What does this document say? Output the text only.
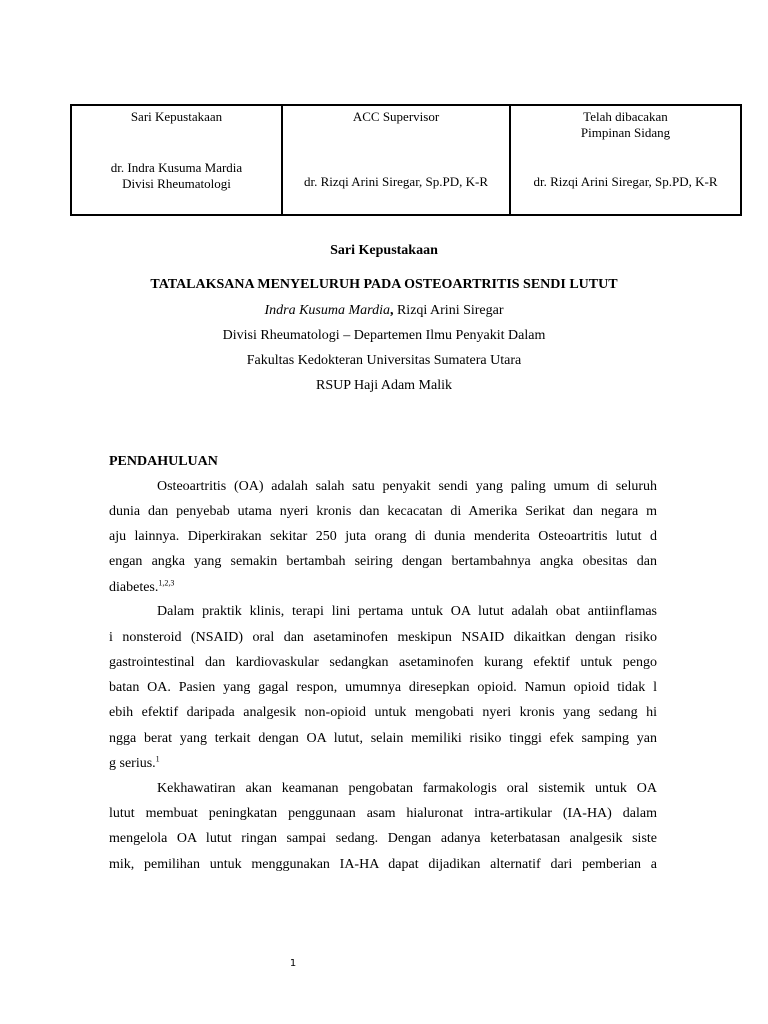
Sari Kepustakaan
dr. Indra Kusuma Mardia
Divisi Rheumatologi
ACC Supervisor
dr. Rizqi Arini Siregar, Sp.PD, K-R
Telah dibacakan
Pimpinan Sidang
dr. Rizqi Arini Siregar, Sp.PD, K-R
Sari Kepustakaan
TATALAKSANA MENYELURUH PADA OSTEOARTRITIS SENDI LUTUT
Indra Kusuma Mardia, Rizqi Arini Siregar
Divisi Rheumatologi – Departemen Ilmu Penyakit Dalam
Fakultas Kedokteran Universitas Sumatera Utara
RSUP Haji Adam Malik
PENDAHULUAN
Osteoartritis (OA) adalah salah satu penyakit sendi yang paling umum di seluruh
dunia dan penyebab utama nyeri kronis dan kecacatan di Amerika Serikat dan negara m
aju lainnya. Diperkirakan sekitar 250 juta orang di dunia menderita Osteoartritis lutut d
engan angka yang semakin bertambah seiring dengan bertambahnya angka obesitas dan
diabetes.$^{1,2,3}$
Dalam praktik klinis, terapi lini pertama untuk OA lutut adalah obat antiinflamas
i nonsteroid (NSAID) oral dan asetaminofen meskipun NSAID dikaitkan dengan risiko
gastrointestinal dan kardiovaskular sedangkan asetaminofen kurang efektif untuk pengo
batan OA. Pasien yang gagal respon, umumnya diresepkan opioid. Namun opioid tidak l
ebih efektif daripada analgesik non-opioid untuk mengobati nyeri kronis yang sedang hi
ngga berat yang terkait dengan OA lutut, selain memiliki risiko tinggi efek samping yan
g serius.$^1$
Kekhawatiran akan keamanan pengobatan farmakologis oral sistemik untuk OA
lutut membuat peningkatan penggunaan asam hialuronat intra-artikular (IA-HA) dalam
mengelola OA lutut ringan sampai sedang. Dengan adanya keterbatasan analgesik siste
mik, pemilihan untuk menggunakan IA-HA dapat dijadikan alternatif dari pemberian a
1
